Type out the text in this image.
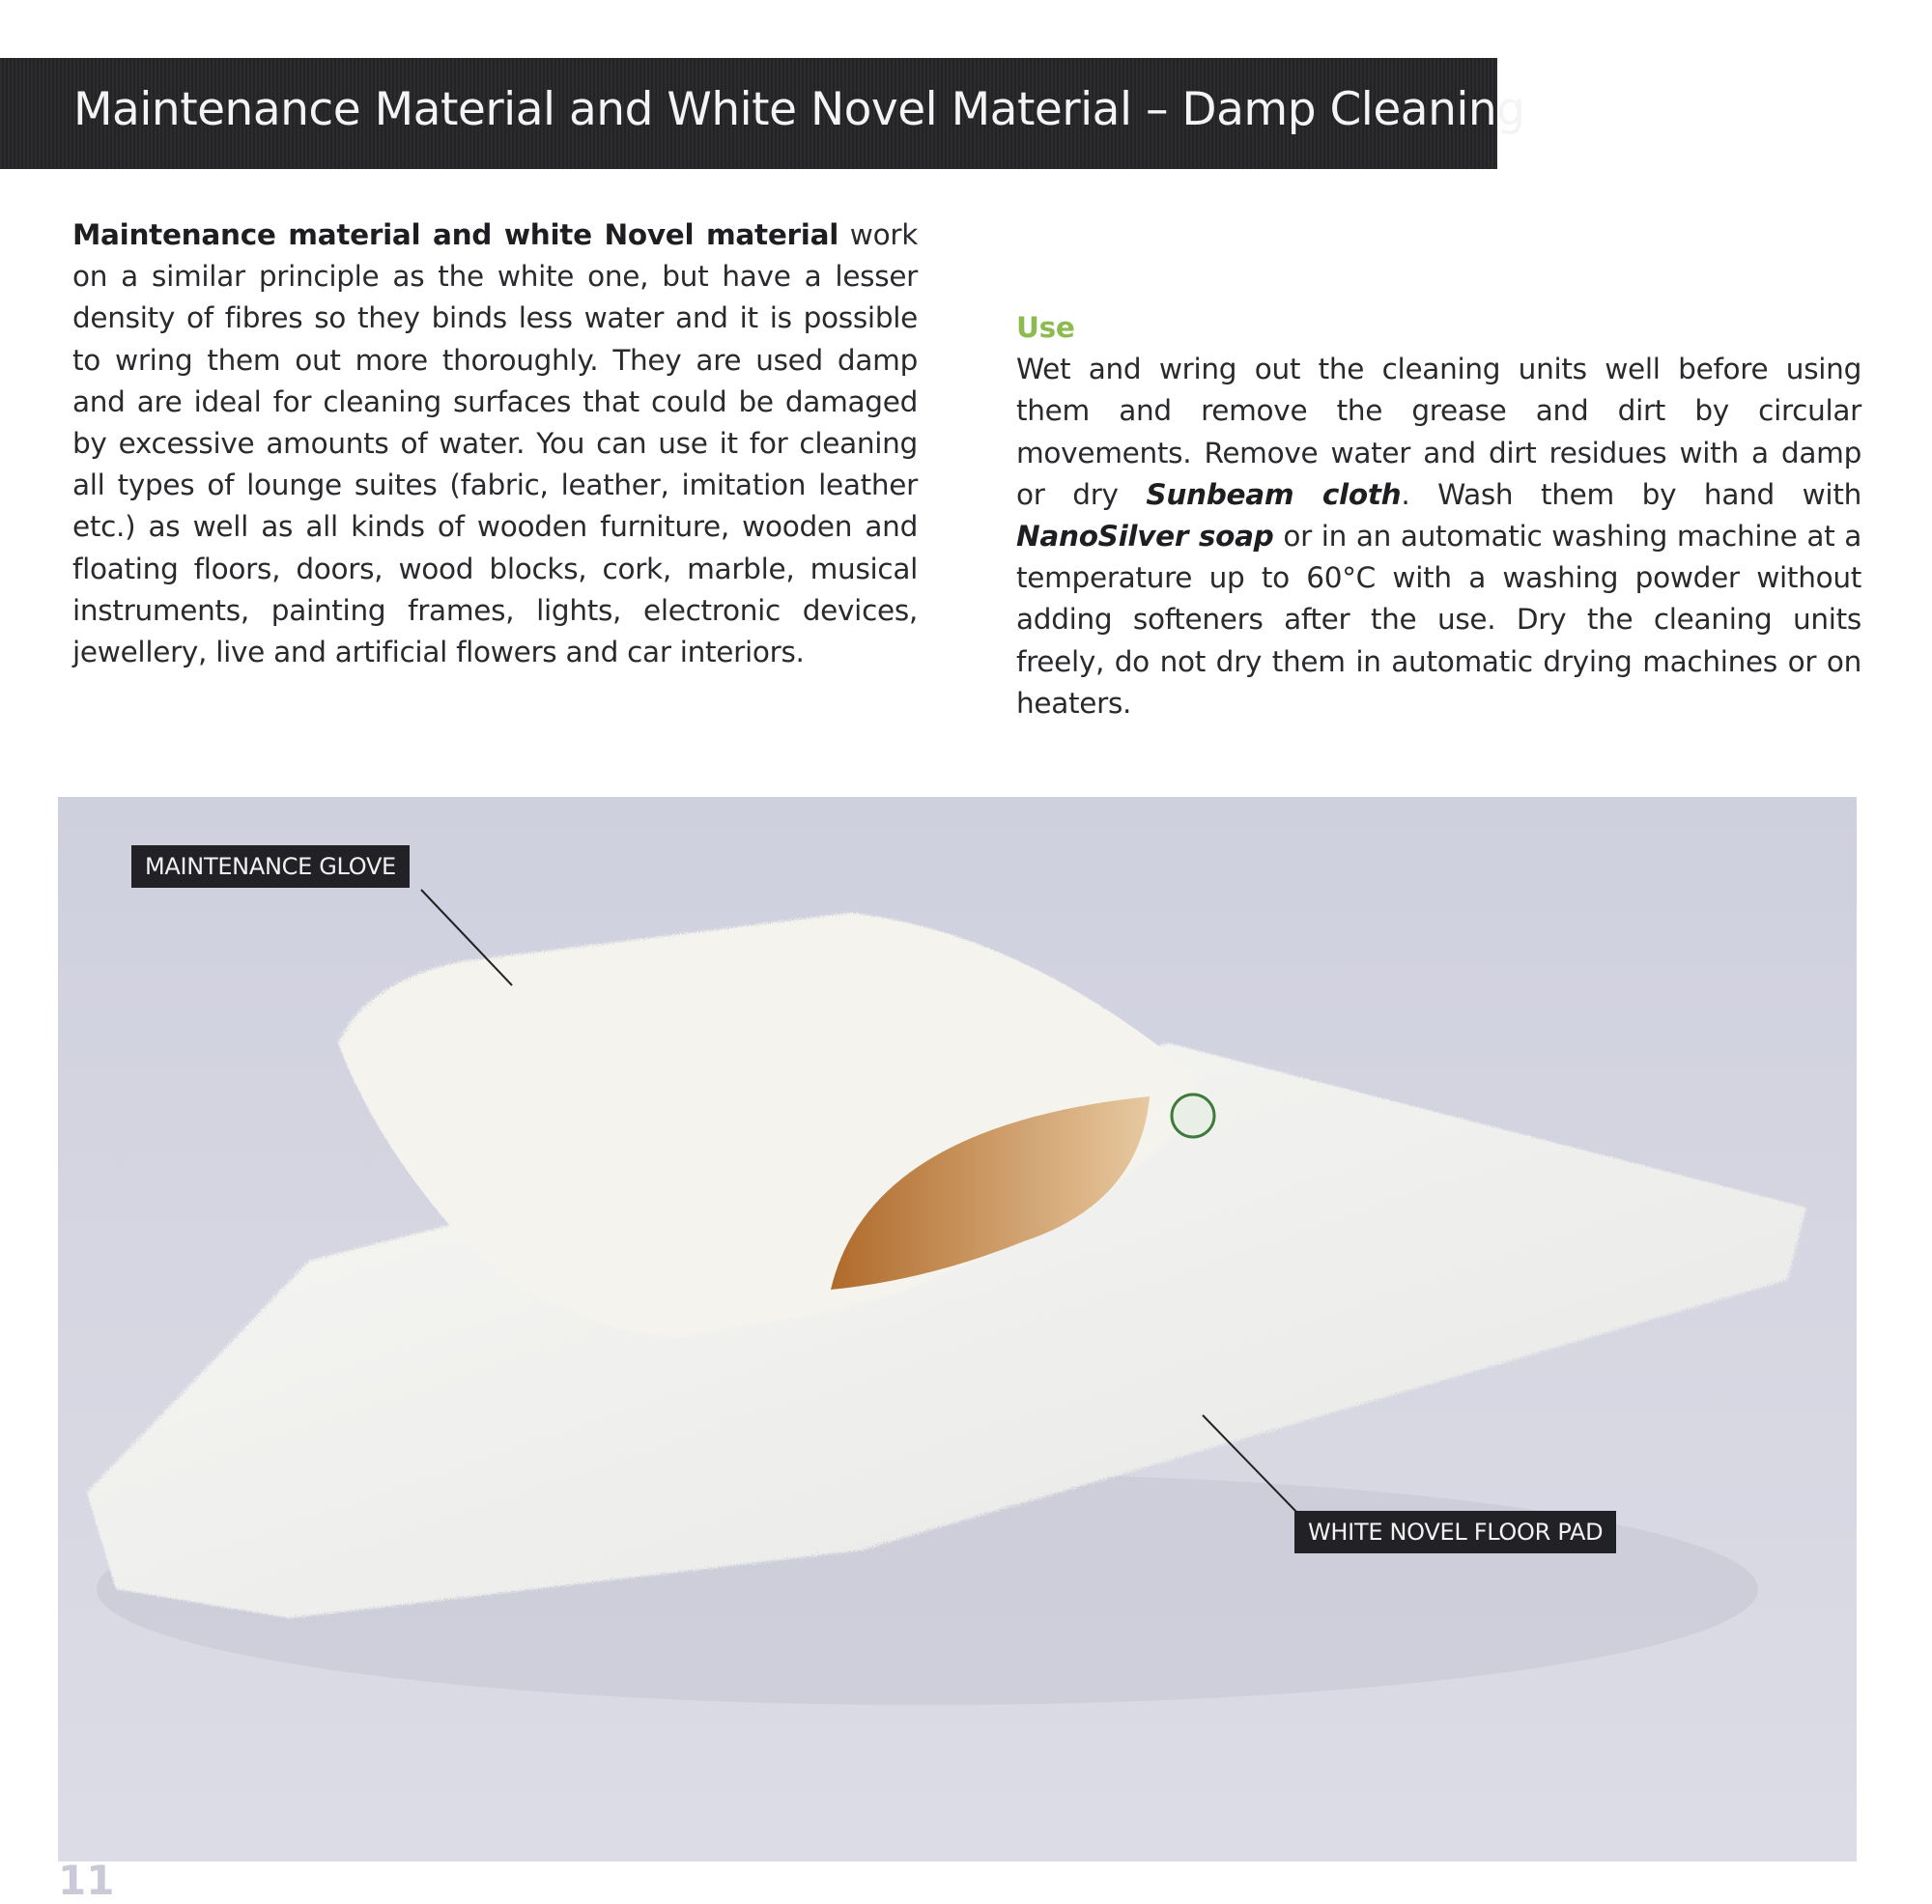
Maintenance Material and White Novel Material – Damp Cleaning
Maintenance material and white Novel material work on a similar principle as the white one, but have a lesser density of fibres so they binds less water and it is possible to wring them out more thoroughly. They are used damp and are ideal for cleaning surfaces that could be damaged by excessive amounts of water. You can use it for cleaning all types of lounge suites (fabric, leather, imitation leather etc.) as well as all kinds of wooden furniture, wooden and floating floors, doors, wood blocks, cork, marble, musical instruments, painting frames, lights, electronic devices, jewellery, live and artificial flowers and car interiors.
Use
Wet and wring out the cleaning units well before using them and remove the grease and dirt by circular movements. Remove water and dirt residues with a damp or dry Sunbeam cloth. Wash them by hand with NanoSilver soap or in an automatic washing machine at a temperature up to 60°C with a washing powder without adding softeners after the use. Dry the cleaning units freely, do not dry them in automatic drying machines or on heaters.
MAINTENANCE GLOVE
WHITE NOVEL FLOOR PAD
11
